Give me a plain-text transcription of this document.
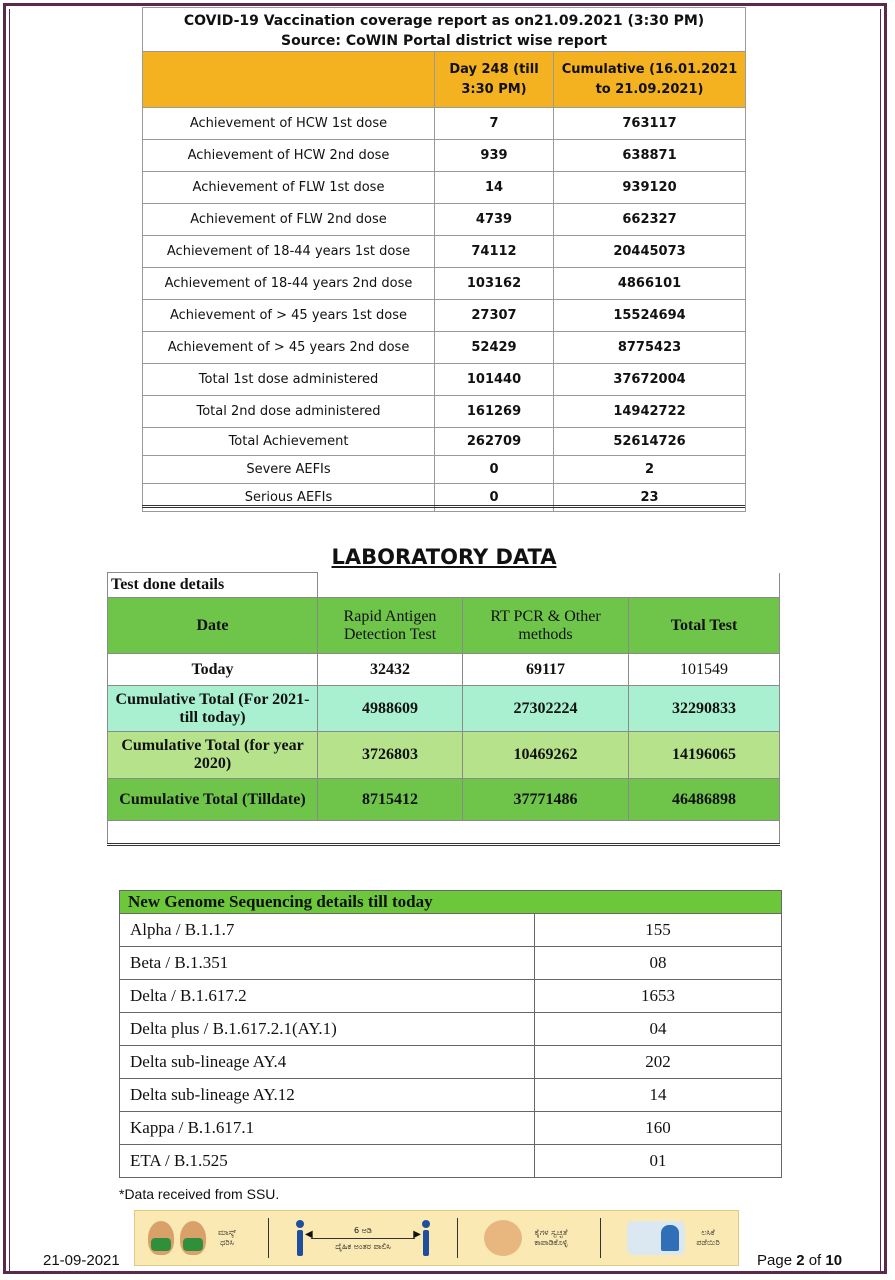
COVID-19 Vaccination coverage report as on21.09.2021 (3:30 PM)
Source: CoWIN Portal district wise report		

	Day 248 (till 3:30 PM)	Cumulative (16.01.2021 to 21.09.2021)
Achievement of HCW 1st dose	7	763117
Achievement of HCW 2nd dose	939	638871
Achievement of FLW 1st dose	14	939120
Achievement of FLW 2nd dose	4739	662327
Achievement of 18-44 years 1st dose	74112	20445073
Achievement of 18-44 years 2nd dose	103162	4866101
Achievement of > 45 years 1st dose	27307	15524694
Achievement of > 45 years 2nd dose	52429	8775423
Total 1st dose administered	101440	37672004
Total 2nd dose administered	161269	14942722
Total Achievement	262709	52614726
Severe AEFIs	0	2
Serious AEFIs	0	23
LABORATORY DATA
Test done details			
Date	Rapid Antigen Detection Test	RT PCR & Other methods	Total Test
Today	32432	69117	101549
Cumulative Total (For 2021- till today)	4988609	27302224	32290833
Cumulative Total (for year 2020)	3726803	10469262	14196065
Cumulative Total (Tilldate)	8715412	37771486	46486898

New Genome Sequencing details till today	
Alpha / B.1.1.7	155
Beta / B.1.351	08
Delta / B.1.617.2	1653
Delta plus / B.1.617.2.1(AY.1)	04
Delta sub-lineage AY.4	202
Delta sub-lineage AY.12	14
Kappa / B.1.617.1	160
ETA / B.1.525	01
*Data received from SSU.
ಮಾಸ್ಕ್ ಧರಿಸಿ
6 ಅಡಿ
◀ ▶
ದೈಹಿಕ ಅಂತರ ಪಾಲಿಸಿ
ಕೈಗಳ ಸ್ವಚ್ಛತೆ ಕಾಪಾಡಿಕೊಳ್ಳಿ
ಲಸಿಕೆ ಪಡೆಯಿರಿ
21-09-2021	Page 2 of 10
